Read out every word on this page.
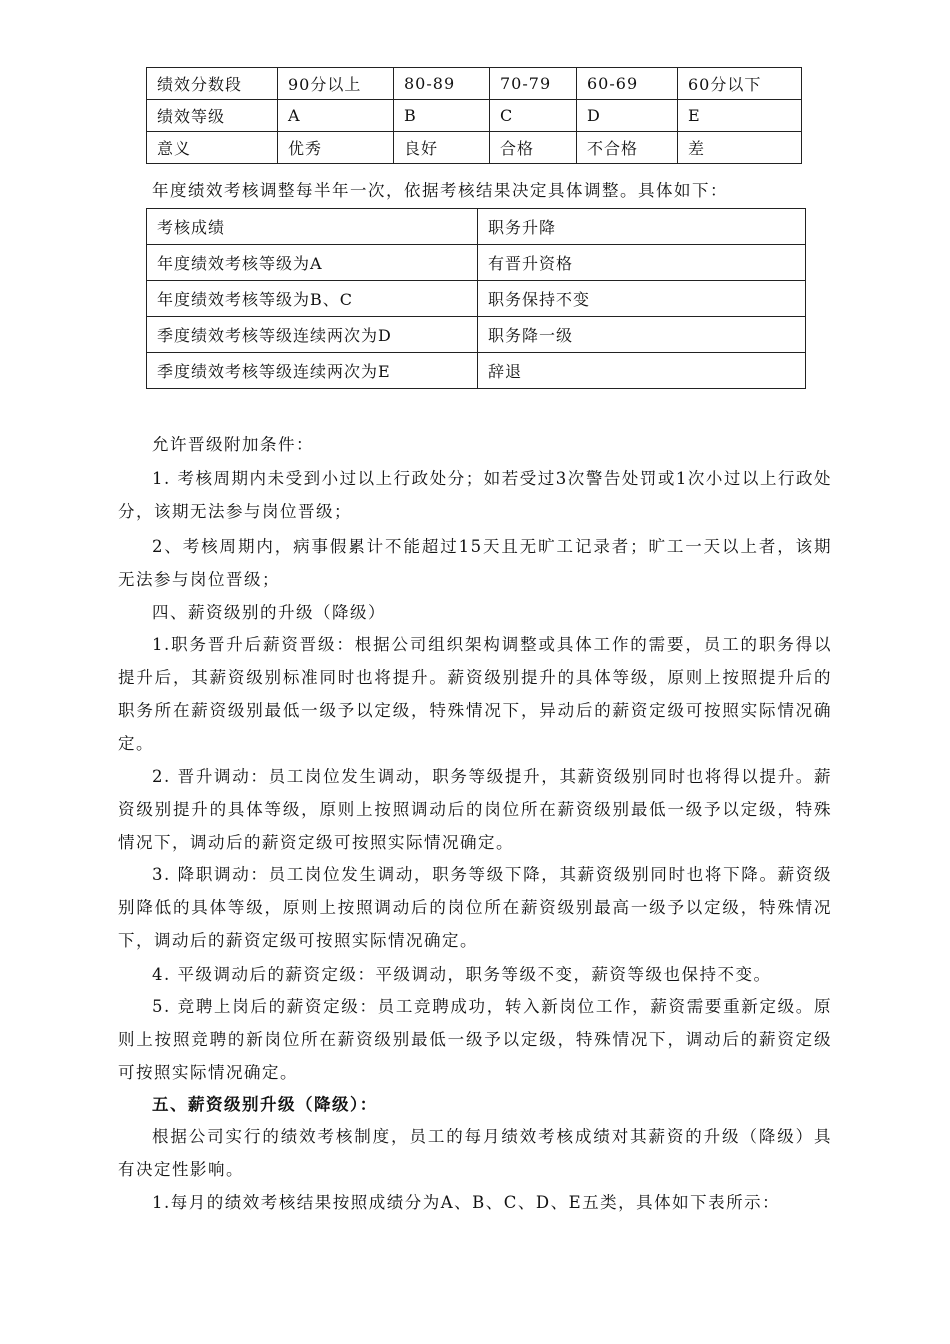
绩效分数段	90分以上	80-89	70-79	60-69	60分以下
绩效等级	A	B	C	D	E
意义	优秀	良好	合格	不合格	差

年度绩效考核调整每半年一次，依据考核结果决定具体调整。具体如下：

考核成绩	职务升降
年度绩效考核等级为A	有晋升资格
年度绩效考核等级为B、C	职务保持不变
季度绩效考核等级连续两次为D	职务降一级
季度绩效考核等级连续两次为E	辞退

允许晋级附加条件：

1. 考核周期内未受到小过以上行政处分；如若受过3次警告处罚或1次小过以上行政处分，该期无法参与岗位晋级；

2、考核周期内，病事假累计不能超过15天且无旷工记录者；旷工一天以上者，该期无法参与岗位晋级；

四、薪资级别的升级（降级）

1.职务晋升后薪资晋级：根据公司组织架构调整或具体工作的需要，员工的职务得以提升后，其薪资级别标准同时也将提升。薪资级别提升的具体等级，原则上按照提升后的职务所在薪资级别最低一级予以定级，特殊情况下，异动后的薪资定级可按照实际情况确定。

2. 晋升调动：员工岗位发生调动，职务等级提升，其薪资级别同时也将得以提升。薪资级别提升的具体等级，原则上按照调动后的岗位所在薪资级别最低一级予以定级，特殊情况下，调动后的薪资定级可按照实际情况确定。

3. 降职调动：员工岗位发生调动，职务等级下降，其薪资级别同时也将下降。薪资级别降低的具体等级，原则上按照调动后的岗位所在薪资级别最高一级予以定级，特殊情况下，调动后的薪资定级可按照实际情况确定。

4. 平级调动后的薪资定级：平级调动，职务等级不变，薪资等级也保持不变。

5. 竞聘上岗后的薪资定级：员工竞聘成功，转入新岗位工作，薪资需要重新定级。原则上按照竞聘的新岗位所在薪资级别最低一级予以定级，特殊情况下，调动后的薪资定级可按照实际情况确定。

五、薪资级别升级（降级）：

根据公司实行的绩效考核制度，员工的每月绩效考核成绩对其薪资的升级（降级）具有决定性影响。

1.每月的绩效考核结果按照成绩分为A、B、C、D、E五类，具体如下表所示：
